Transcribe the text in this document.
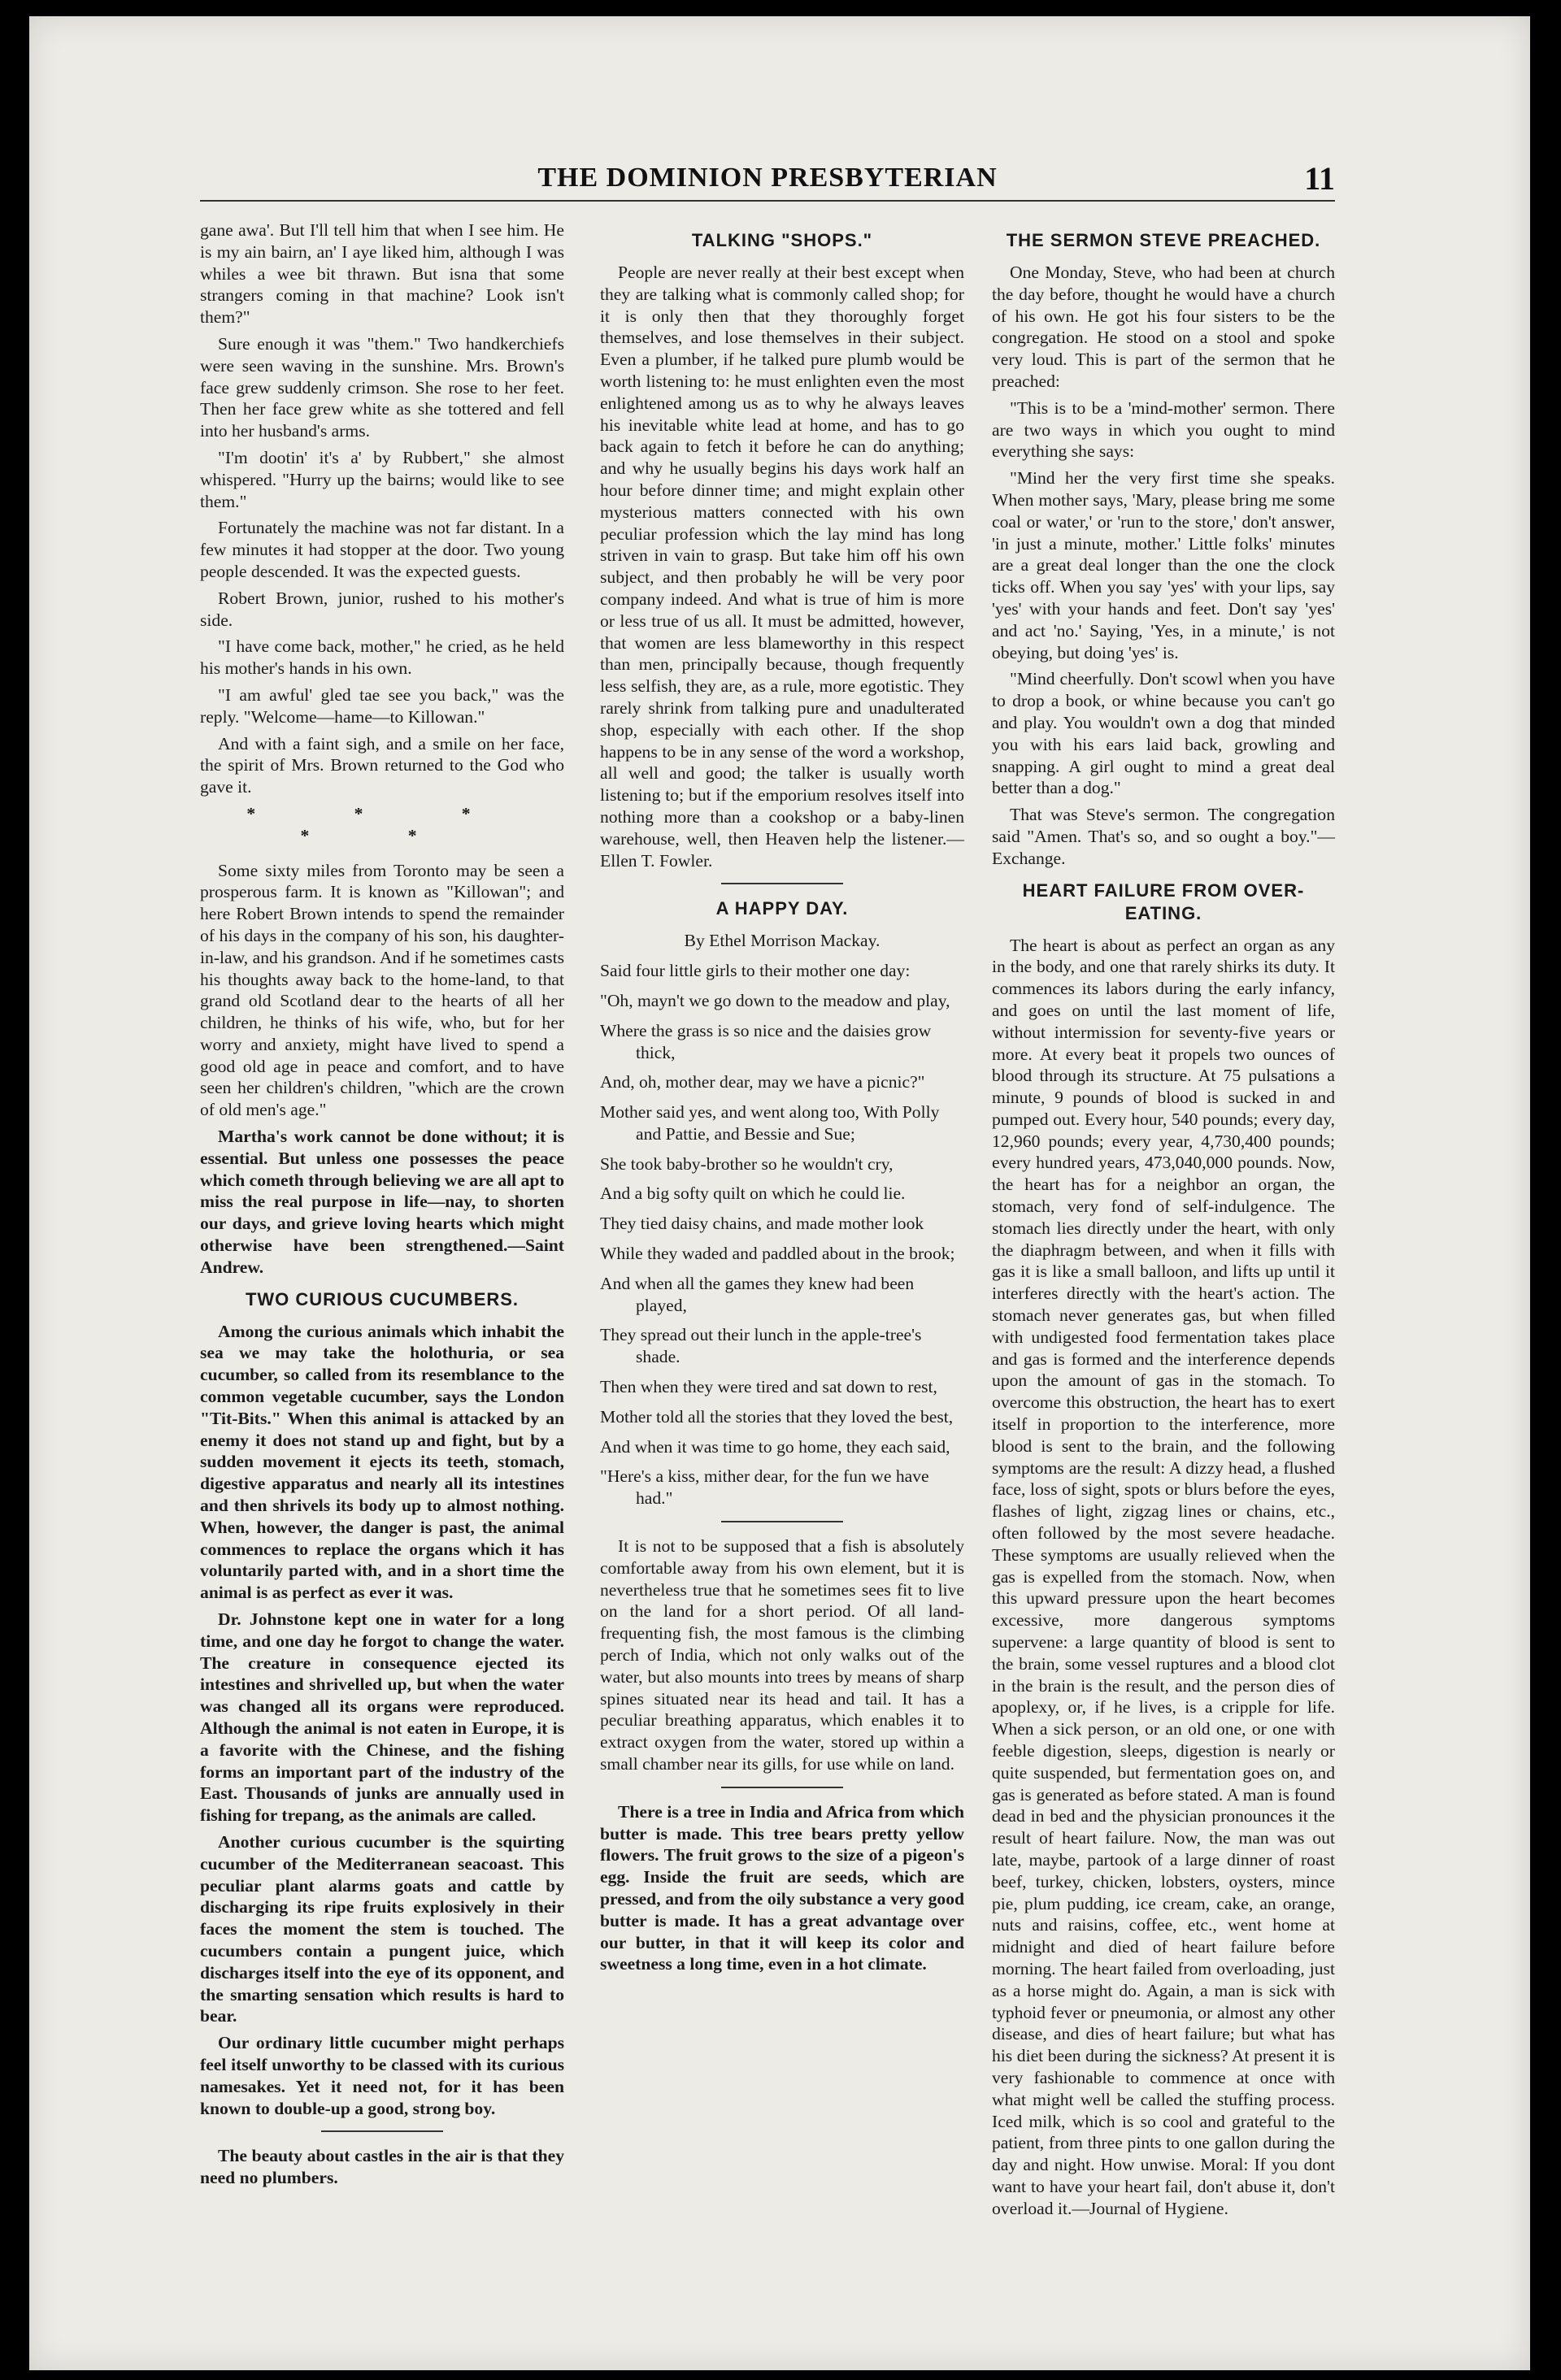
THE DOMINION PRESBYTERIAN	11

gane awa'. But I'll tell him that when I see him. He is my ain bairn, an' I aye liked him, although I was whiles a wee bit thrawn. But isna that some strangers coming in that machine? Look isn't them?"

Sure enough it was "them." Two handkerchiefs were seen waving in the sunshine. Mrs. Brown's face grew suddenly crimson. She rose to her feet. Then her face grew white as she tottered and fell into her husband's arms.

"I'm dootin' it's a' by Rubbert," she almost whispered. "Hurry up the bairns; would like to see them."

Fortunately the machine was not far distant. In a few minutes it had stopper at the door. Two young people descended. It was the expected guests.

Robert Brown, junior, rushed to his mother's side.

"I have come back, mother," he cried, as he held his mother's hands in his own.

"I am awful' gled tae see you back," was the reply. "Welcome—hame—to Killowan."

And with a faint sigh, and a smile on her face, the spirit of Mrs. Brown returned to the God who gave it.

* * * * *

Some sixty miles from Toronto may be seen a prosperous farm. It is known as "Killowan"; and here Robert Brown intends to spend the remainder of his days in the company of his son, his daughter-in-law, and his grandson. And if he sometimes casts his thoughts away back to the home-land, to that grand old Scotland dear to the hearts of all her children, he thinks of his wife, who, but for her worry and anxiety, might have lived to spend a good old age in peace and comfort, and to have seen her children's children, "which are the crown of old men's age."

Martha's work cannot be done without; it is essential. But unless one possesses the peace which cometh through believing we are all apt to miss the real purpose in life—nay, to shorten our days, and grieve loving hearts which might otherwise have been strengthened.—Saint Andrew.

TWO CURIOUS CUCUMBERS.

Among the curious animals which inhabit the sea we may take the holothuria, or sea cucumber, so called from its resemblance to the common vegetable cucumber, says the London "Tit-Bits." When this animal is attacked by an enemy it does not stand up and fight, but by a sudden movement it ejects its teeth, stomach, digestive apparatus and nearly all its intestines and then shrivels its body up to almost nothing. When, however, the danger is past, the animal commences to replace the organs which it has voluntarily parted with, and in a short time the animal is as perfect as ever it was.

Dr. Johnstone kept one in water for a long time, and one day he forgot to change the water. The creature in consequence ejected its intestines and shrivelled up, but when the water was changed all its organs were reproduced. Although the animal is not eaten in Europe, it is a favorite with the Chinese, and the fishing forms an important part of the industry of the East. Thousands of junks are annually used in fishing for trepang, as the animals are called.

Another curious cucumber is the squirting cucumber of the Mediterranean seacoast. This peculiar plant alarms goats and cattle by discharging its ripe fruits explosively in their faces the moment the stem is touched. The cucumbers contain a pungent juice, which discharges itself into the eye of its opponent, and the smarting sensation which results is hard to bear.

Our ordinary little cucumber might perhaps feel itself unworthy to be classed with its curious namesakes. Yet it need not, for it has been known to double-up a good, strong boy.

The beauty about castles in the air is that they need no plumbers.

TALKING "SHOPS."

People are never really at their best except when they are talking what is commonly called shop; for it is only then that they thoroughly forget themselves, and lose themselves in their subject. Even a plumber, if he talked pure plumb would be worth listening to: he must enlighten even the most enlightened among us as to why he always leaves his inevitable white lead at home, and has to go back again to fetch it before he can do anything; and why he usually begins his days work half an hour before dinner time; and might explain other mysterious matters connected with his own peculiar profession which the lay mind has long striven in vain to grasp. But take him off his own subject, and then probably he will be very poor company indeed. And what is true of him is more or less true of us all. It must be admitted, however, that women are less blameworthy in this respect than men, principally because, though frequently less selfish, they are, as a rule, more egotistic. They rarely shrink from talking pure and unadulterated shop, especially with each other. If the shop happens to be in any sense of the word a workshop, all well and good; the talker is usually worth listening to; but if the emporium resolves itself into nothing more than a cookshop or a baby-linen warehouse, well, then Heaven help the listener.—Ellen T. Fowler.

A HAPPY DAY.
By Ethel Morrison Mackay.
Said four little girls to their mother one day:
"Oh, mayn't we go down to the meadow and play,
Where the grass is so nice and the daisies grow thick,
And, oh, mother dear, may we have a picnic?"
Mother said yes, and went along too, With Polly and Pattie, and Bessie and Sue;
She took baby-brother so he wouldn't cry,
And a big softy quilt on which he could lie.
They tied daisy chains, and made mother look
While they waded and paddled about in the brook;
And when all the games they knew had been played,
They spread out their lunch in the apple-tree's shade.
Then when they were tired and sat down to rest,
Mother told all the stories that they loved the best,
And when it was time to go home, they each said,
"Here's a kiss, mither dear, for the fun we have had."

It is not to be supposed that a fish is absolutely comfortable away from his own element, but it is nevertheless true that he sometimes sees fit to live on the land for a short period. Of all land-frequenting fish, the most famous is the climbing perch of India, which not only walks out of the water, but also mounts into trees by means of sharp spines situated near its head and tail. It has a peculiar breathing apparatus, which enables it to extract oxygen from the water, stored up within a small chamber near its gills, for use while on land.

There is a tree in India and Africa from which butter is made. This tree bears pretty yellow flowers. The fruit grows to the size of a pigeon's egg. Inside the fruit are seeds, which are pressed, and from the oily substance a very good butter is made. It has a great advantage over our butter, in that it will keep its color and sweetness a long time, even in a hot climate.

THE SERMON STEVE PREACHED.

One Monday, Steve, who had been at church the day before, thought he would have a church of his own. He got his four sisters to be the congregation. He stood on a stool and spoke very loud. This is part of the sermon that he preached:

"This is to be a 'mind-mother' sermon. There are two ways in which you ought to mind everything she says:

"Mind her the very first time she speaks. When mother says, 'Mary, please bring me some coal or water,' or 'run to the store,' don't answer, 'in just a minute, mother.' Little folks' minutes are a great deal longer than the one the clock ticks off. When you say 'yes' with your lips, say 'yes' with your hands and feet. Don't say 'yes' and act 'no.' Saying, 'Yes, in a minute,' is not obeying, but doing 'yes' is.

"Mind cheerfully. Don't scowl when you have to drop a book, or whine because you can't go and play. You wouldn't own a dog that minded you with his ears laid back, growling and snapping. A girl ought to mind a great deal better than a dog."

That was Steve's sermon. The congregation said "Amen. That's so, and so ought a boy."—Exchange.

HEART FAILURE FROM OVER-EATING.

The heart is about as perfect an organ as any in the body, and one that rarely shirks its duty. It commences its labors during the early infancy, and goes on until the last moment of life, without intermission for seventy-five years or more. At every beat it propels two ounces of blood through its structure. At 75 pulsations a minute, 9 pounds of blood is sucked in and pumped out. Every hour, 540 pounds; every day, 12,960 pounds; every year, 4,730,400 pounds; every hundred years, 473,040,000 pounds. Now, the heart has for a neighbor an organ, the stomach, very fond of self-indulgence. The stomach lies directly under the heart, with only the diaphragm between, and when it fills with gas it is like a small balloon, and lifts up until it interferes directly with the heart's action. The stomach never generates gas, but when filled with undigested food fermentation takes place and gas is formed and the interference depends upon the amount of gas in the stomach. To overcome this obstruction, the heart has to exert itself in proportion to the interference, more blood is sent to the brain, and the following symptoms are the result: A dizzy head, a flushed face, loss of sight, spots or blurs before the eyes, flashes of light, zigzag lines or chains, etc., often followed by the most severe headache. These symptoms are usually relieved when the gas is expelled from the stomach. Now, when this upward pressure upon the heart becomes excessive, more dangerous symptoms supervene: a large quantity of blood is sent to the brain, some vessel ruptures and a blood clot in the brain is the result, and the person dies of apoplexy, or, if he lives, is a cripple for life. When a sick person, or an old one, or one with feeble digestion, sleeps, digestion is nearly or quite suspended, but fermentation goes on, and gas is generated as before stated. A man is found dead in bed and the physician pronounces it the result of heart failure. Now, the man was out late, maybe, partook of a large dinner of roast beef, turkey, chicken, lobsters, oysters, mince pie, plum pudding, ice cream, cake, an orange, nuts and raisins, coffee, etc., went home at midnight and died of heart failure before morning. The heart failed from overloading, just as a horse might do. Again, a man is sick with typhoid fever or pneumonia, or almost any other disease, and dies of heart failure; but what has his diet been during the sickness? At present it is very fashionable to commence at once with what might well be called the stuffing process. Iced milk, which is so cool and grateful to the patient, from three pints to one gallon during the day and night. How unwise. Moral: If you dont want to have your heart fail, don't abuse it, don't overload it.—Journal of Hygiene.
